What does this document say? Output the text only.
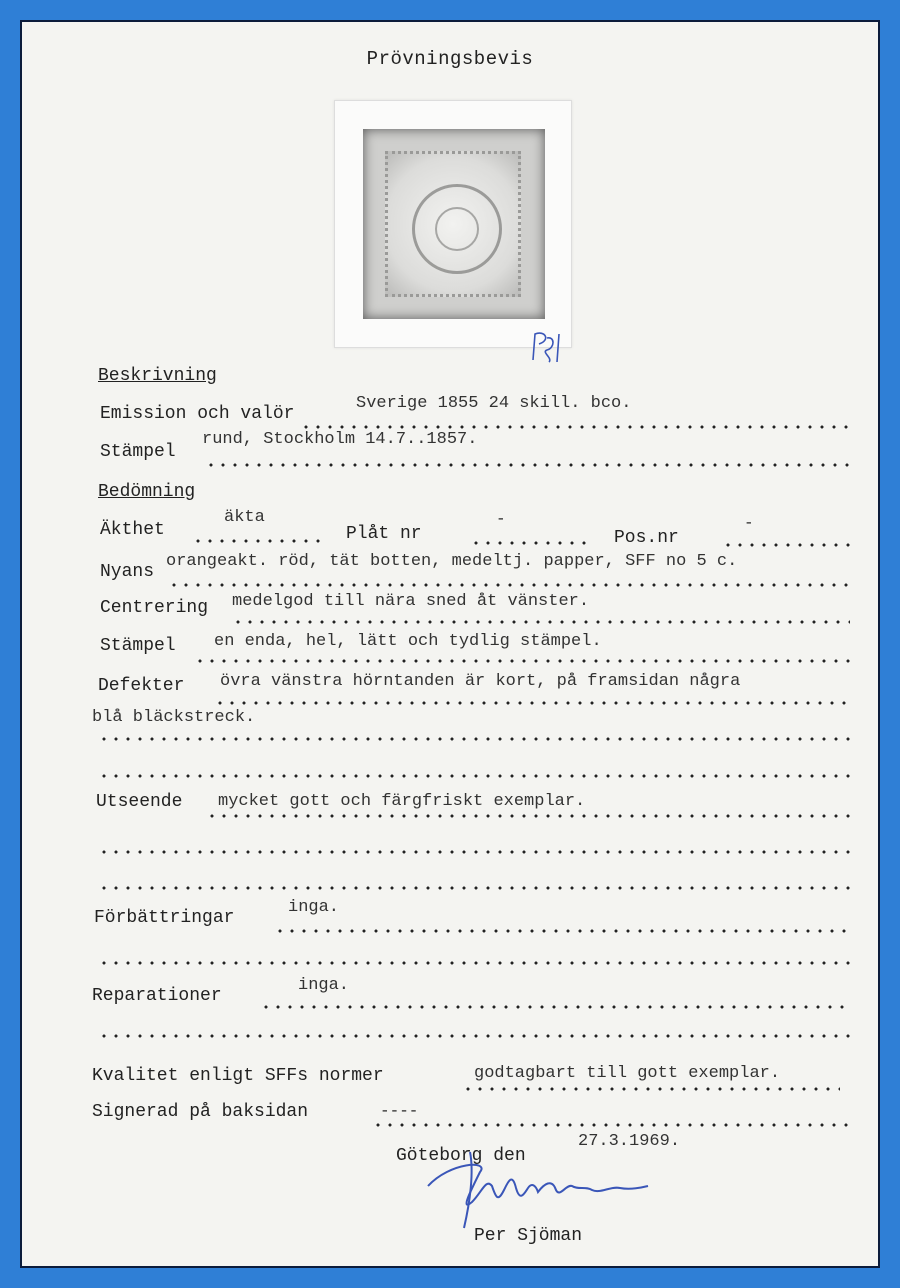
Prövningsbevis
Beskrivning
Emission och valör
Sverige 1855 24 skill. bco.
Stämpel
rund, Stockholm 14.7..1857.
Bedömning
Äkthet
äkta
Plåt nr
-
Pos.nr
-
Nyans
orangeakt. röd, tät botten, medeltj. papper, SFF no 5 c.
Centrering medelgod till nära sned åt vänster.
Stämpel en enda, hel, lätt och tydlig stämpel.
Defekter övra vänstra hörntanden är kort, på framsidan några
blå bläckstreck.
Utseende mycket gott och färgfriskt exemplar.
Förbättringar
inga.
Reparationer
inga.
Kvalitet enligt SFFs normer	godtagbart till gott exemplar.
Signerad på baksidan	----
Göteborg den
27.3.1969.
Per Sjöman
